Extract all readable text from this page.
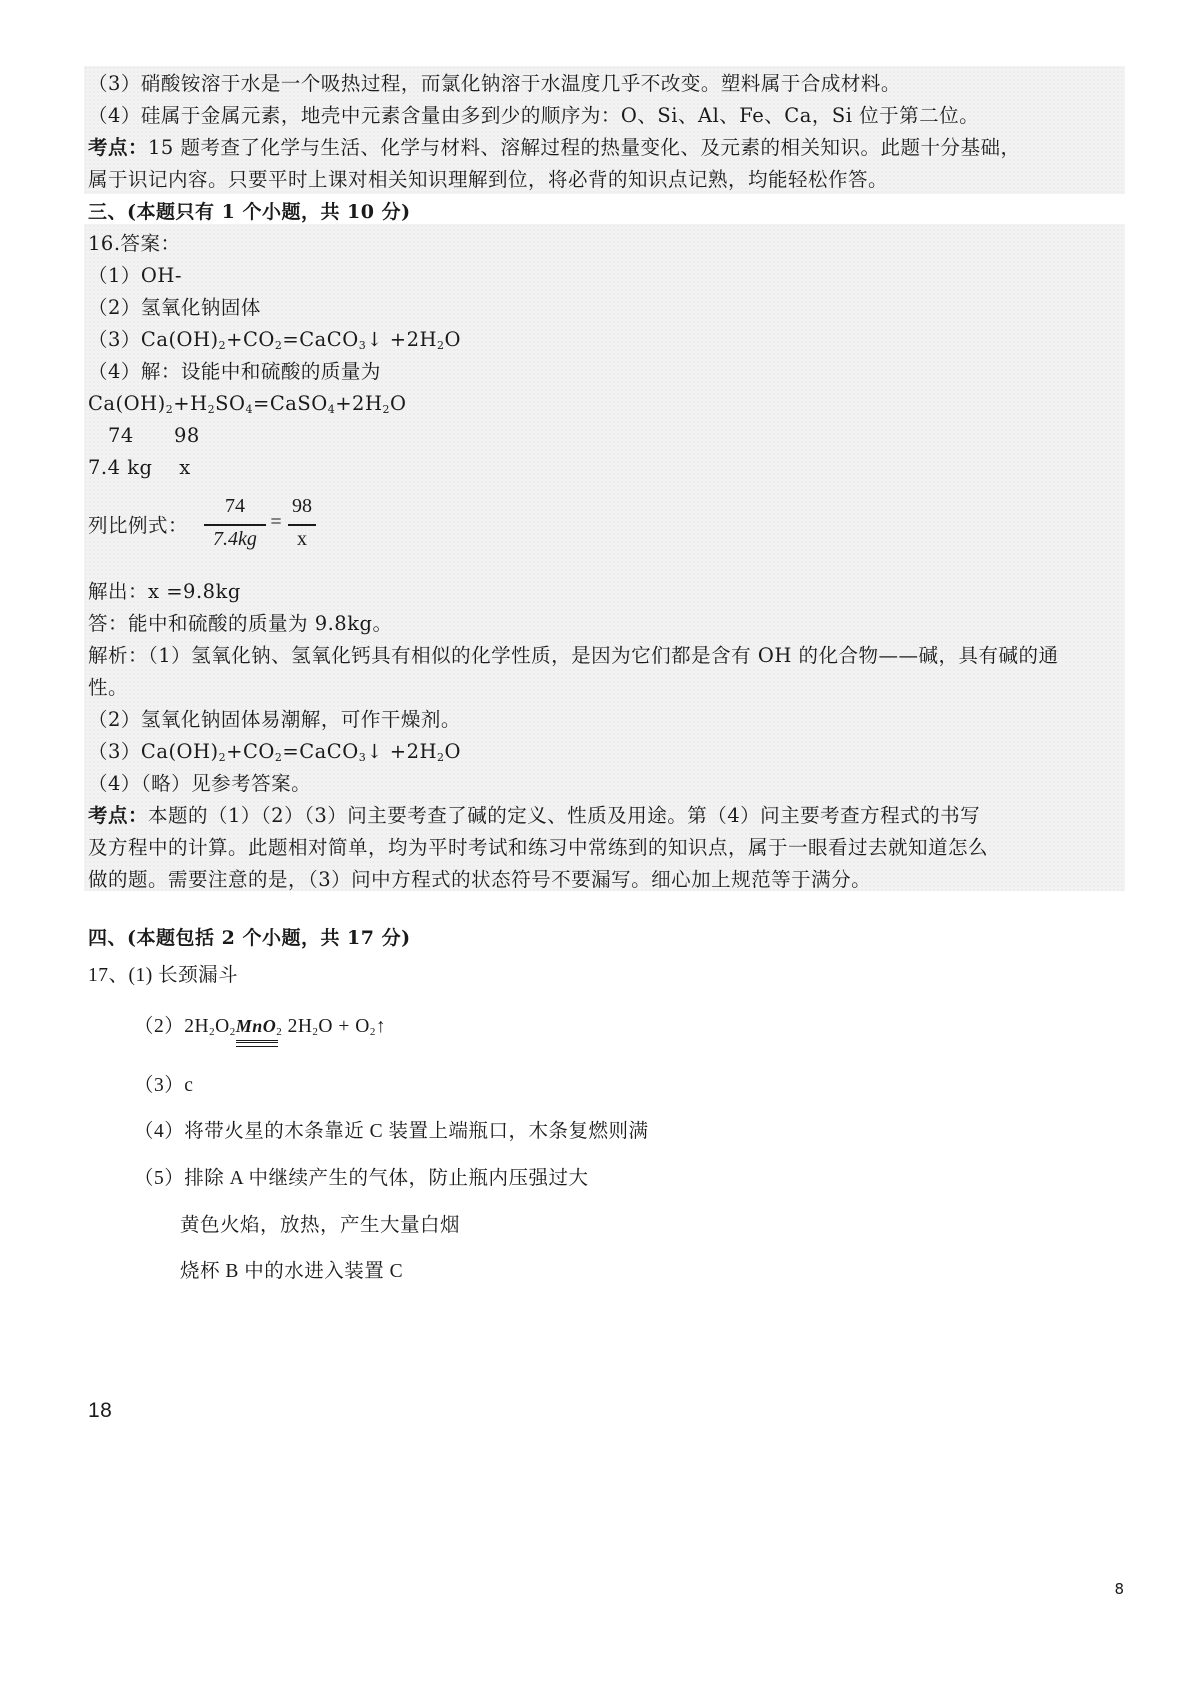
（3）硝酸铵溶于水是一个吸热过程，而氯化钠溶于水温度几乎不改变。塑料属于合成材料。
（4）硅属于金属元素，地壳中元素含量由多到少的顺序为：O、Si、Al、Fe、Ca，Si 位于第二位。
考点：15 题考查了化学与生活、化学与材料、溶解过程的热量变化、及元素的相关知识。此题十分基础，
属于识记内容。只要平时上课对相关知识理解到位，将必背的知识点记熟，均能轻松作答。
三、(本题只有 1 个小题，共 10 分)
16.答案：
（1）OH-
（2）氢氧化钠固体
$(3)Ca(OH)_2+CO_2=CaCO_3↓ +2H_2O$
（4）解：设能中和硫酸的质量为
$Ca(OH)_2+H_2SO_4=CaSO_4+2H_2O$
74      98
7.4 kg    x
列比例式：
74
7.4kg
=
98
x
解出：x =9.8kg
答：能中和硫酸的质量为 9.8kg。
解析：（1）氢氧化钠、氢氧化钙具有相似的化学性质，是因为它们都是含有 OH 的化合物——碱，具有碱的通
性。
（2）氢氧化钠固体易潮解，可作干燥剂。
$(3)Ca(OH)_2+CO_2=CaCO_3↓ +2H_2O$
（4）（略）见参考答案。
考点：本题的（1）（2）（3）问主要考查了碱的定义、性质及用途。第（4）问主要考查方程式的书写
及方程中的计算。此题相对简单，均为平时考试和练习中常练到的知识点，属于一眼看过去就知道怎么
做的题。需要注意的是，（3）问中方程式的状态符号不要漏写。细心加上规范等于满分。
四、(本题包括 2 个小题，共 17 分)
17、(1) 长颈漏斗
$(2)2H_2O_2MnO_2$ $2H_2O$ + $O_2↑$
（3）c
（4）将带火星的木条靠近 C 装置上端瓶口，木条复燃则满
（5）排除 A 中继续产生的气体，防止瓶内压强过大
黄色火焰，放热，产生大量白烟
烧杯 B 中的水进入装置 C
18
8
